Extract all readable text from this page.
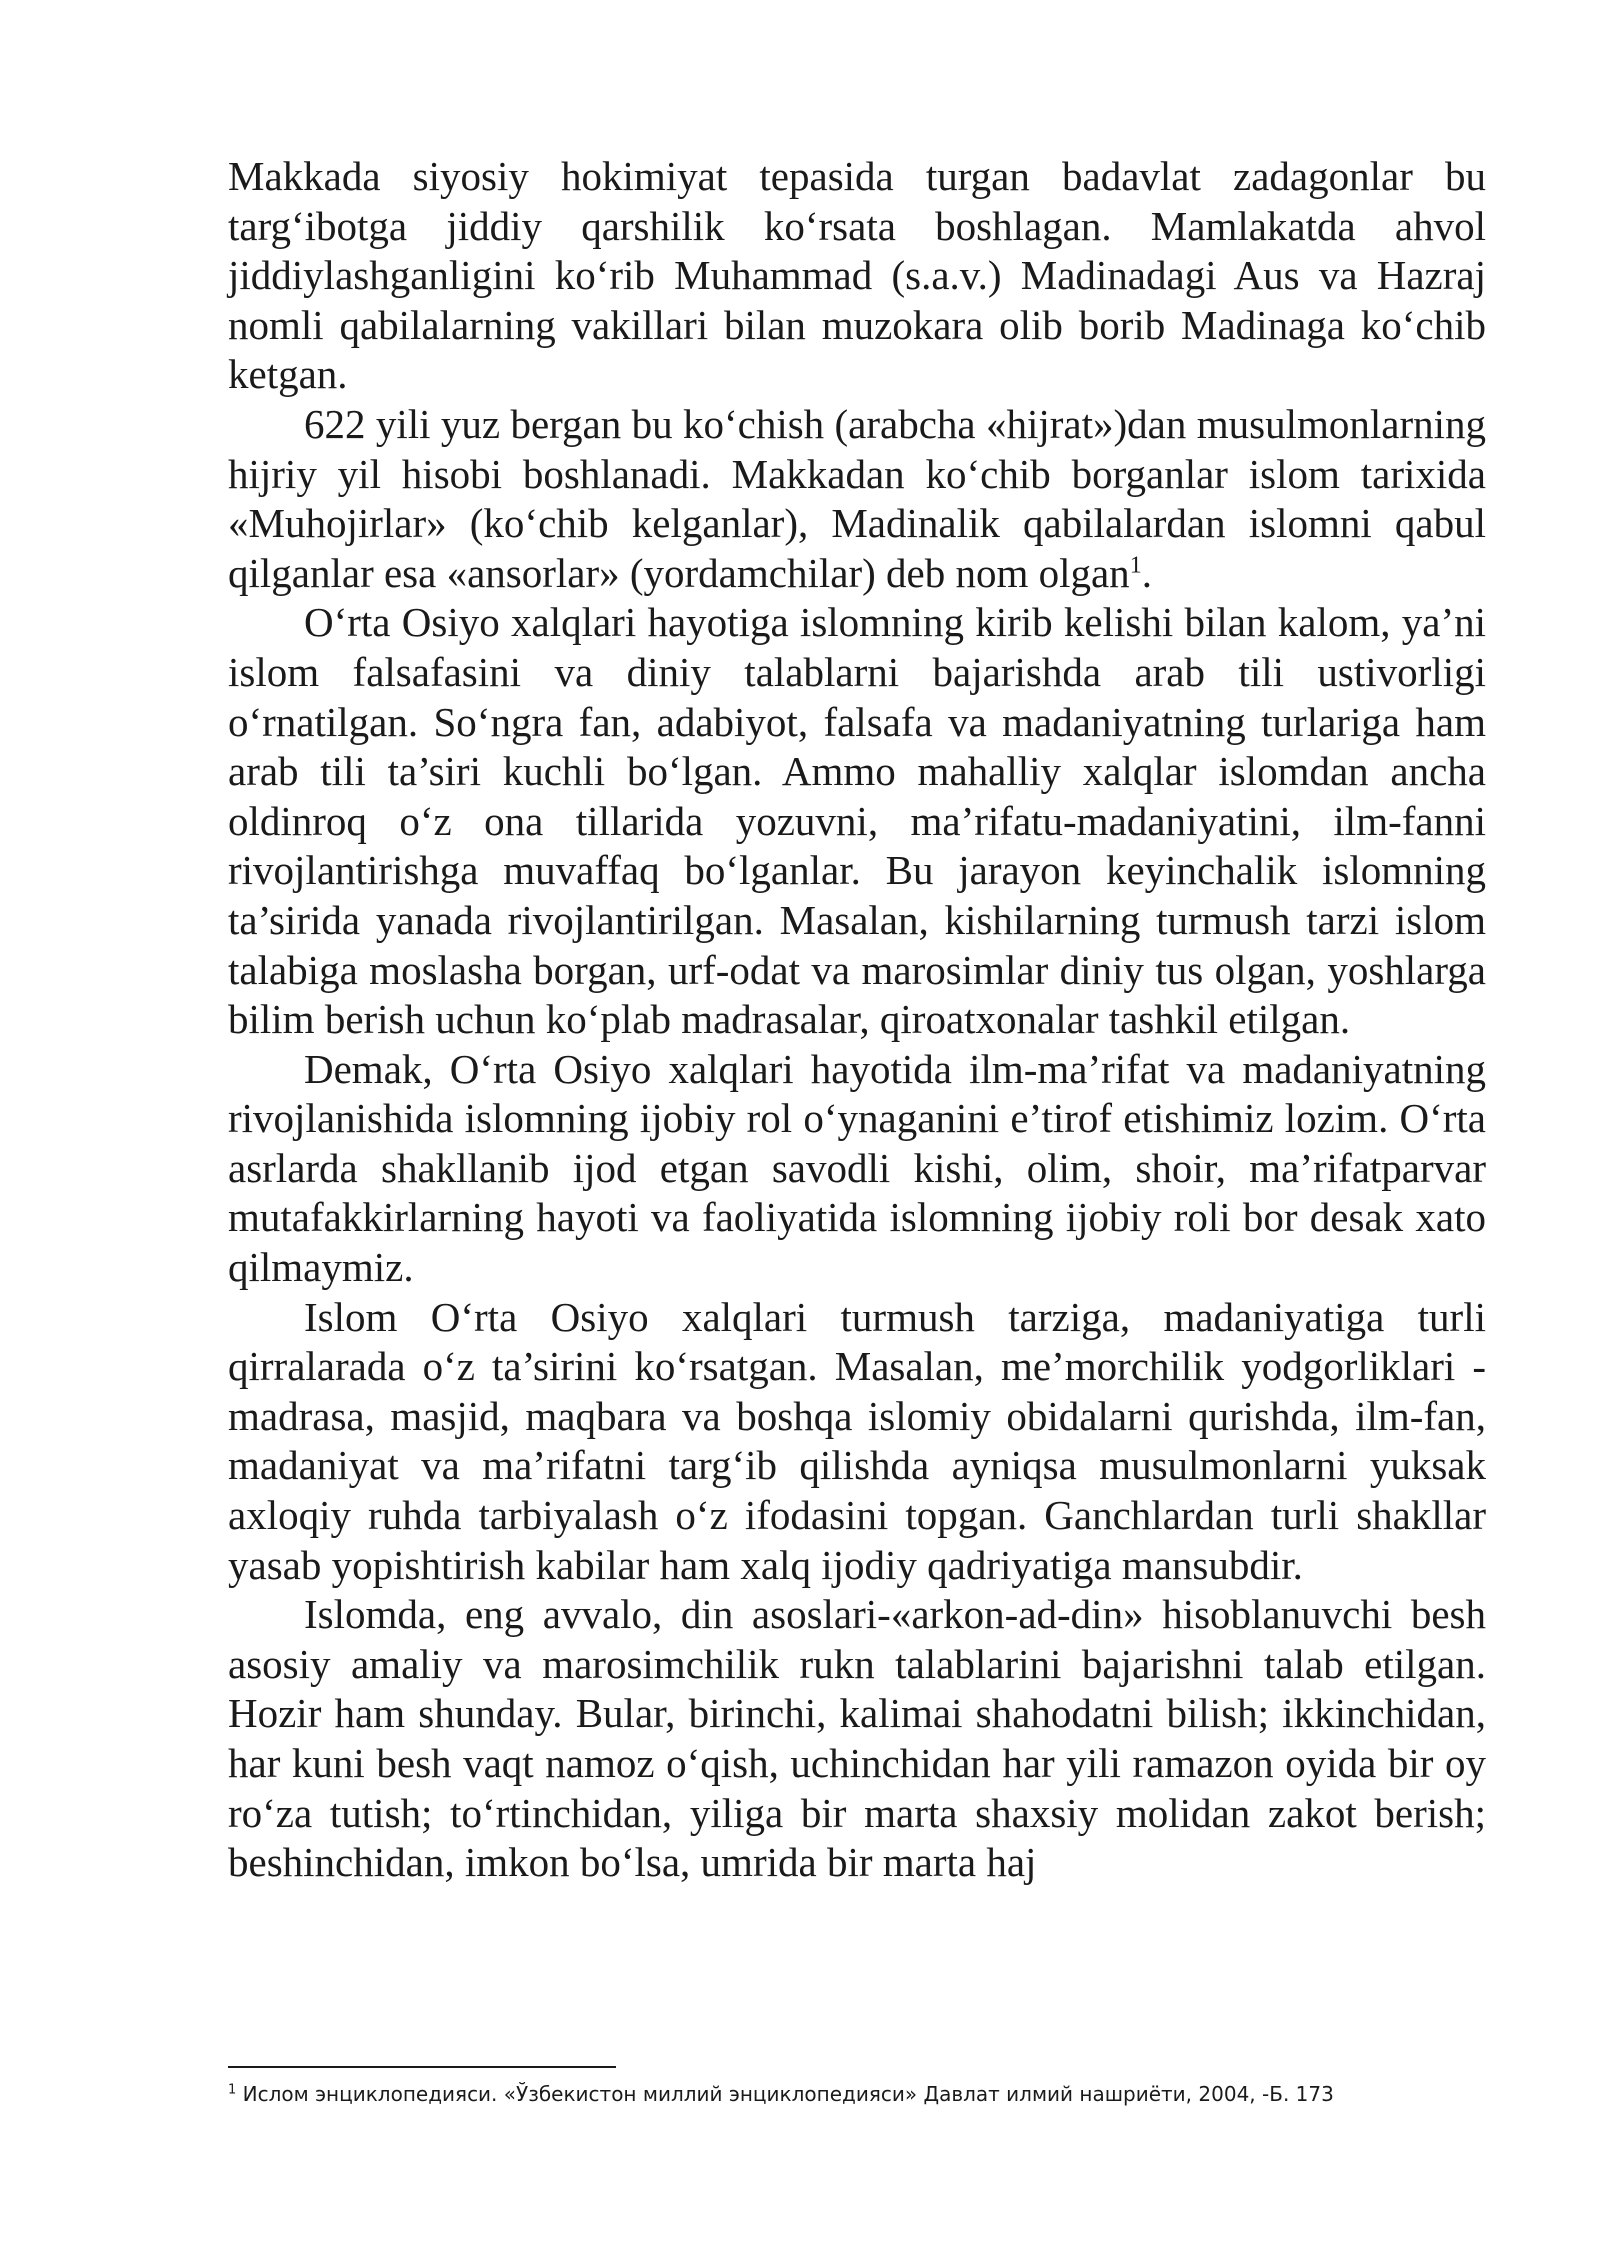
Makkada siyosiy hokimiyat tepasida turgan badavlat zadagonlar bu targ‘ibotga jiddiy qarshilik ko‘rsata boshlagan. Mamlakatda ahvol jiddiylashganligini ko‘rib Muhammad (s.a.v.) Madinadagi Aus va Hazraj nomli qabilalarning vakillari bilan muzokara olib borib Madinaga ko‘chib ketgan.

622 yili yuz bergan bu ko‘chish (arabcha «hijrat»)dan musulmonlarning hijriy yil hisobi boshlanadi. Makkadan ko‘chib borganlar islom tarixida «Muhojirlar» (ko‘chib kelganlar), Madinalik qabilalardan islomni qabul qilganlar esa «ansorlar» (yordamchilar) deb nom olgan$^1$.

O‘rta Osiyo xalqlari hayotiga islomning kirib kelishi bilan kalom, ya’ni islom falsafasini va diniy talablarni bajarishda arab tili ustivorligi o‘rnatilgan. So‘ngra fan, adabiyot, falsafa va madaniyatning turlariga ham arab tili ta’siri kuchli bo‘lgan. Ammo mahalliy xalqlar islomdan ancha oldinroq o‘z ona tillarida yozuvni, ma’rifatu-madaniyatini, ilm-fanni rivojlantirishga muvaffaq bo‘lganlar. Bu jarayon keyinchalik islomning ta’sirida yanada rivojlantirilgan. Masalan, kishilarning turmush tarzi islom talabiga moslasha borgan, urf-odat va marosimlar diniy tus olgan, yoshlarga bilim berish uchun ko‘plab madrasalar, qiroatxonalar tashkil etilgan.

Demak, O‘rta Osiyo xalqlari hayotida ilm-ma’rifat va madaniyatning rivojlanishida islomning ijobiy rol o‘ynaganini e’tirof etishimiz lozim. O‘rta asrlarda shakllanib ijod etgan savodli kishi, olim, shoir, ma’rifatparvar mutafakkirlarning hayoti va faoliyatida islomning ijobiy roli bor desak xato qilmaymiz.

Islom O‘rta Osiyo xalqlari turmush tarziga, madaniyatiga turli qirralarada o‘z ta’sirini ko‘rsatgan. Masalan, me’morchilik yodgorliklari - madrasa, masjid, maqbara va boshqa islomiy obidalarni qurishda, ilm-fan, madaniyat va ma’rifatni targ‘ib qilishda ayniqsa musulmonlarni yuksak axloqiy ruhda tarbiyalash o‘z ifodasini topgan. Ganchlardan turli shakllar yasab yopishtirish kabilar ham xalq ijodiy qadriyatiga mansubdir.

Islomda, eng avvalo, din asoslari-«arkon-ad-din» hisoblanuvchi besh asosiy amaliy va marosimchilik rukn talablarini bajarishni talab etilgan. Hozir ham shunday. Bular, birinchi, kalimai shahodatni bilish; ikkinchidan, har kuni besh vaqt namoz o‘qish, uchinchidan har yili ramazon oyida bir oy ro‘za tutish; to‘rtinchidan, yiliga bir marta shaxsiy molidan zakot berish; beshinchidan, imkon bo‘lsa, umrida bir marta haj

$^1$ Ислом энциклопедияси. «Ўзбекистон миллий энциклопедияси» Давлат илмий нашриёти, 2004, -Б. 173
